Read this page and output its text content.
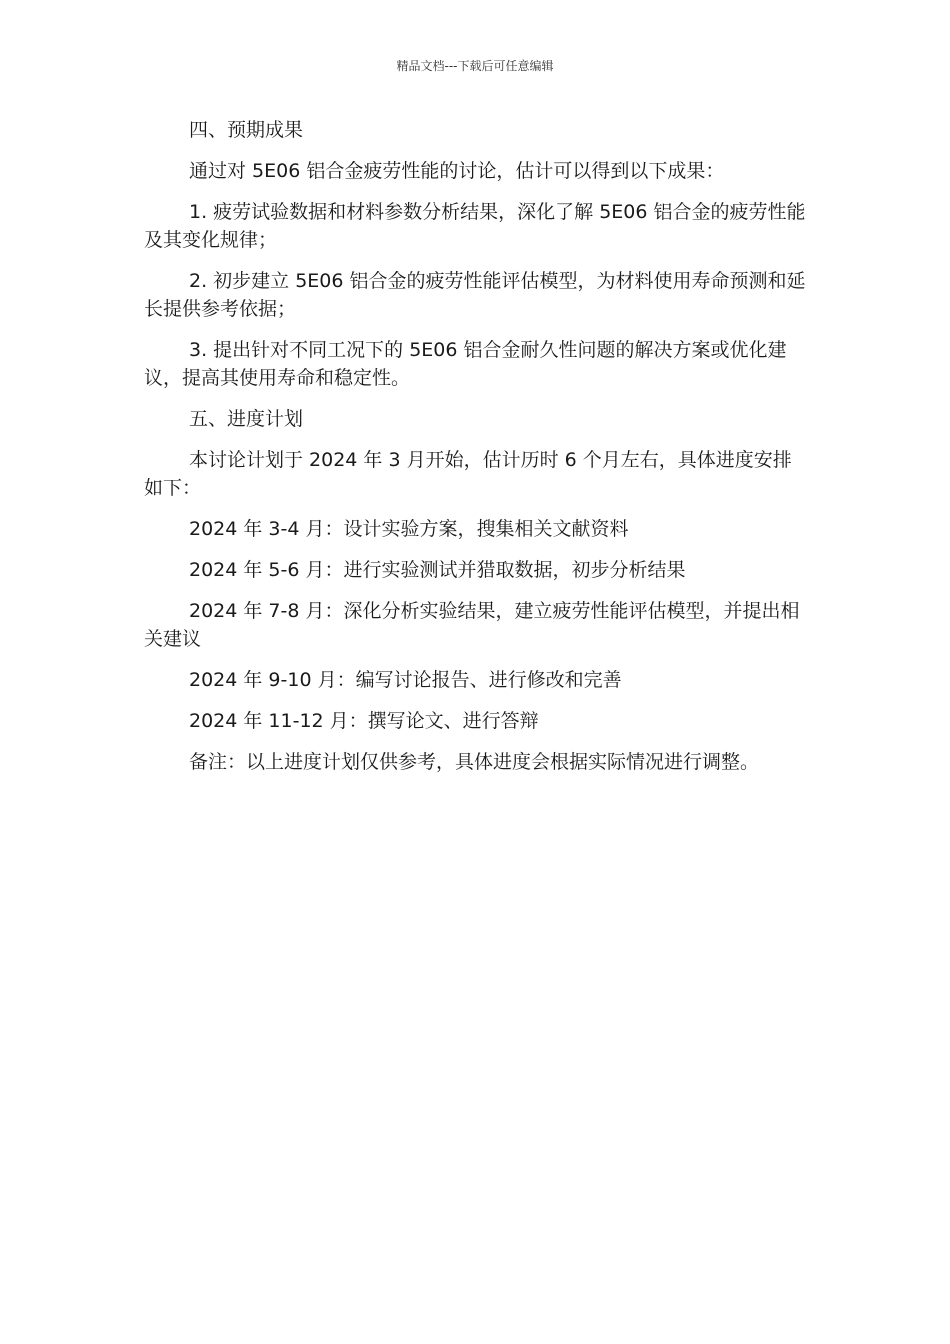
精品文档---下载后可任意编辑

四、预期成果

通过对 5E06 铝合金疲劳性能的讨论，估计可以得到以下成果：

1. 疲劳试验数据和材料参数分析结果，深化了解 5E06 铝合金的疲劳性能及其变化规律；

2. 初步建立 5E06 铝合金的疲劳性能评估模型，为材料使用寿命预测和延长提供参考依据；

3. 提出针对不同工况下的 5E06 铝合金耐久性问题的解决方案或优化建议，提高其使用寿命和稳定性。

五、进度计划

本讨论计划于 2024 年 3 月开始，估计历时 6 个月左右，具体进度安排如下：

2024 年 3-4 月：设计实验方案，搜集相关文献资料

2024 年 5-6 月：进行实验测试并猎取数据，初步分析结果

2024 年 7-8 月：深化分析实验结果，建立疲劳性能评估模型，并提出相关建议

2024 年 9-10 月：编写讨论报告、进行修改和完善

2024 年 11-12 月：撰写论文、进行答辩

备注：以上进度计划仅供参考，具体进度会根据实际情况进行调整。
